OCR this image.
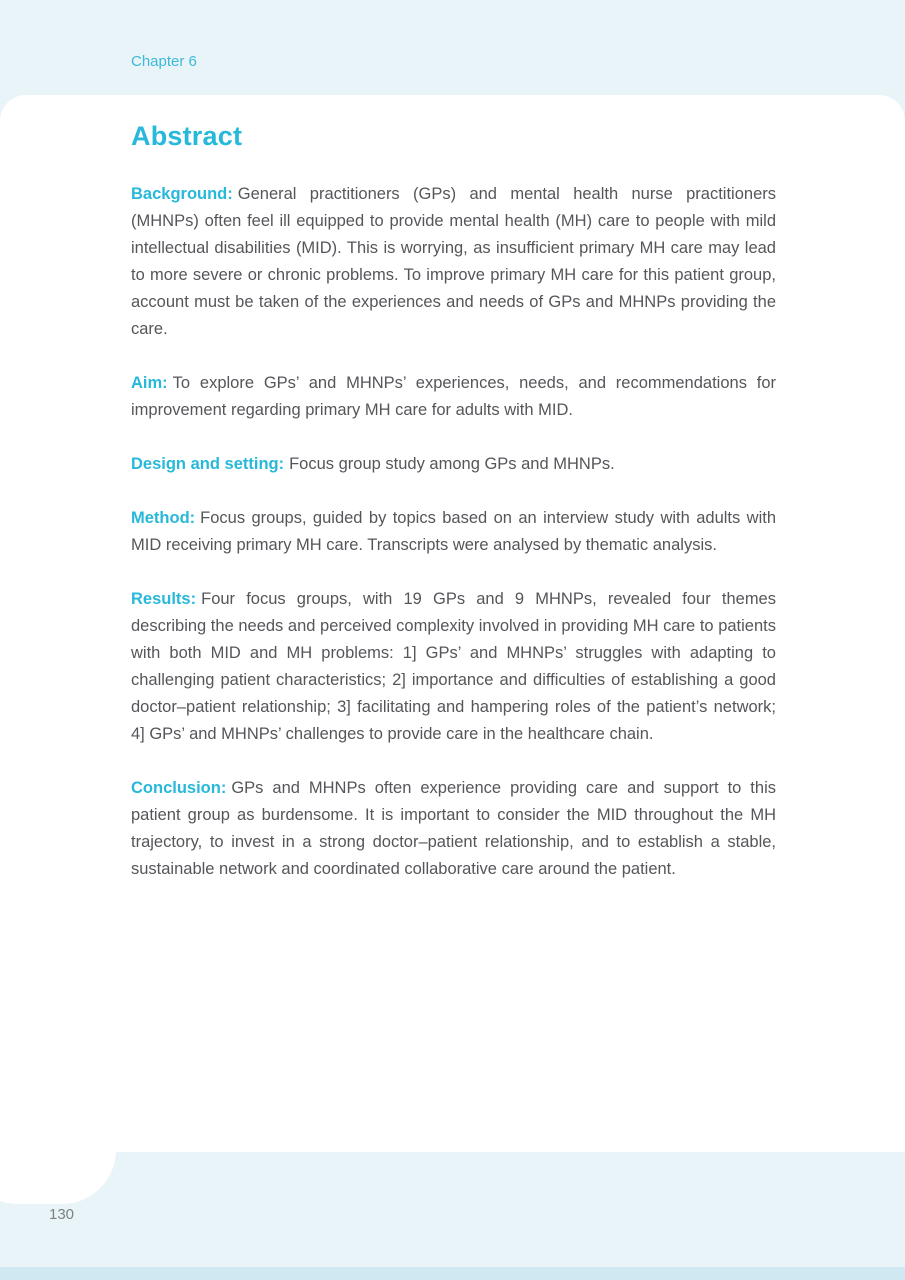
Chapter 6
Abstract

Background: General practitioners (GPs) and mental health nurse practitioners (MHNPs) often feel ill equipped to provide mental health (MH) care to people with mild intellectual disabilities (MID). This is worrying, as insufficient primary MH care may lead to more severe or chronic problems. To improve primary MH care for this patient group, account must be taken of the experiences and needs of GPs and MHNPs providing the care.

Aim: To explore GPs’ and MHNPs’ experiences, needs, and recommendations for improvement regarding primary MH care for adults with MID.

Design and setting: Focus group study among GPs and MHNPs.

Method: Focus groups, guided by topics based on an interview study with adults with MID receiving primary MH care. Transcripts were analysed by thematic analysis.

Results: Four focus groups, with 19 GPs and 9 MHNPs, revealed four themes describing the needs and perceived complexity involved in providing MH care to patients with both MID and MH problems: 1] GPs’ and MHNPs’ struggles with adapting to challenging patient characteristics; 2] importance and difficulties of establishing a good doctor–patient relationship; 3] facilitating and hampering roles of the patient’s network; 4] GPs’ and MHNPs’ challenges to provide care in the healthcare chain.

Conclusion: GPs and MHNPs often experience providing care and support to this patient group as burdensome. It is important to consider the MID throughout the MH trajectory, to invest in a strong doctor–patient relationship, and to establish a stable, sustainable network and coordinated collaborative care around the patient.

130
